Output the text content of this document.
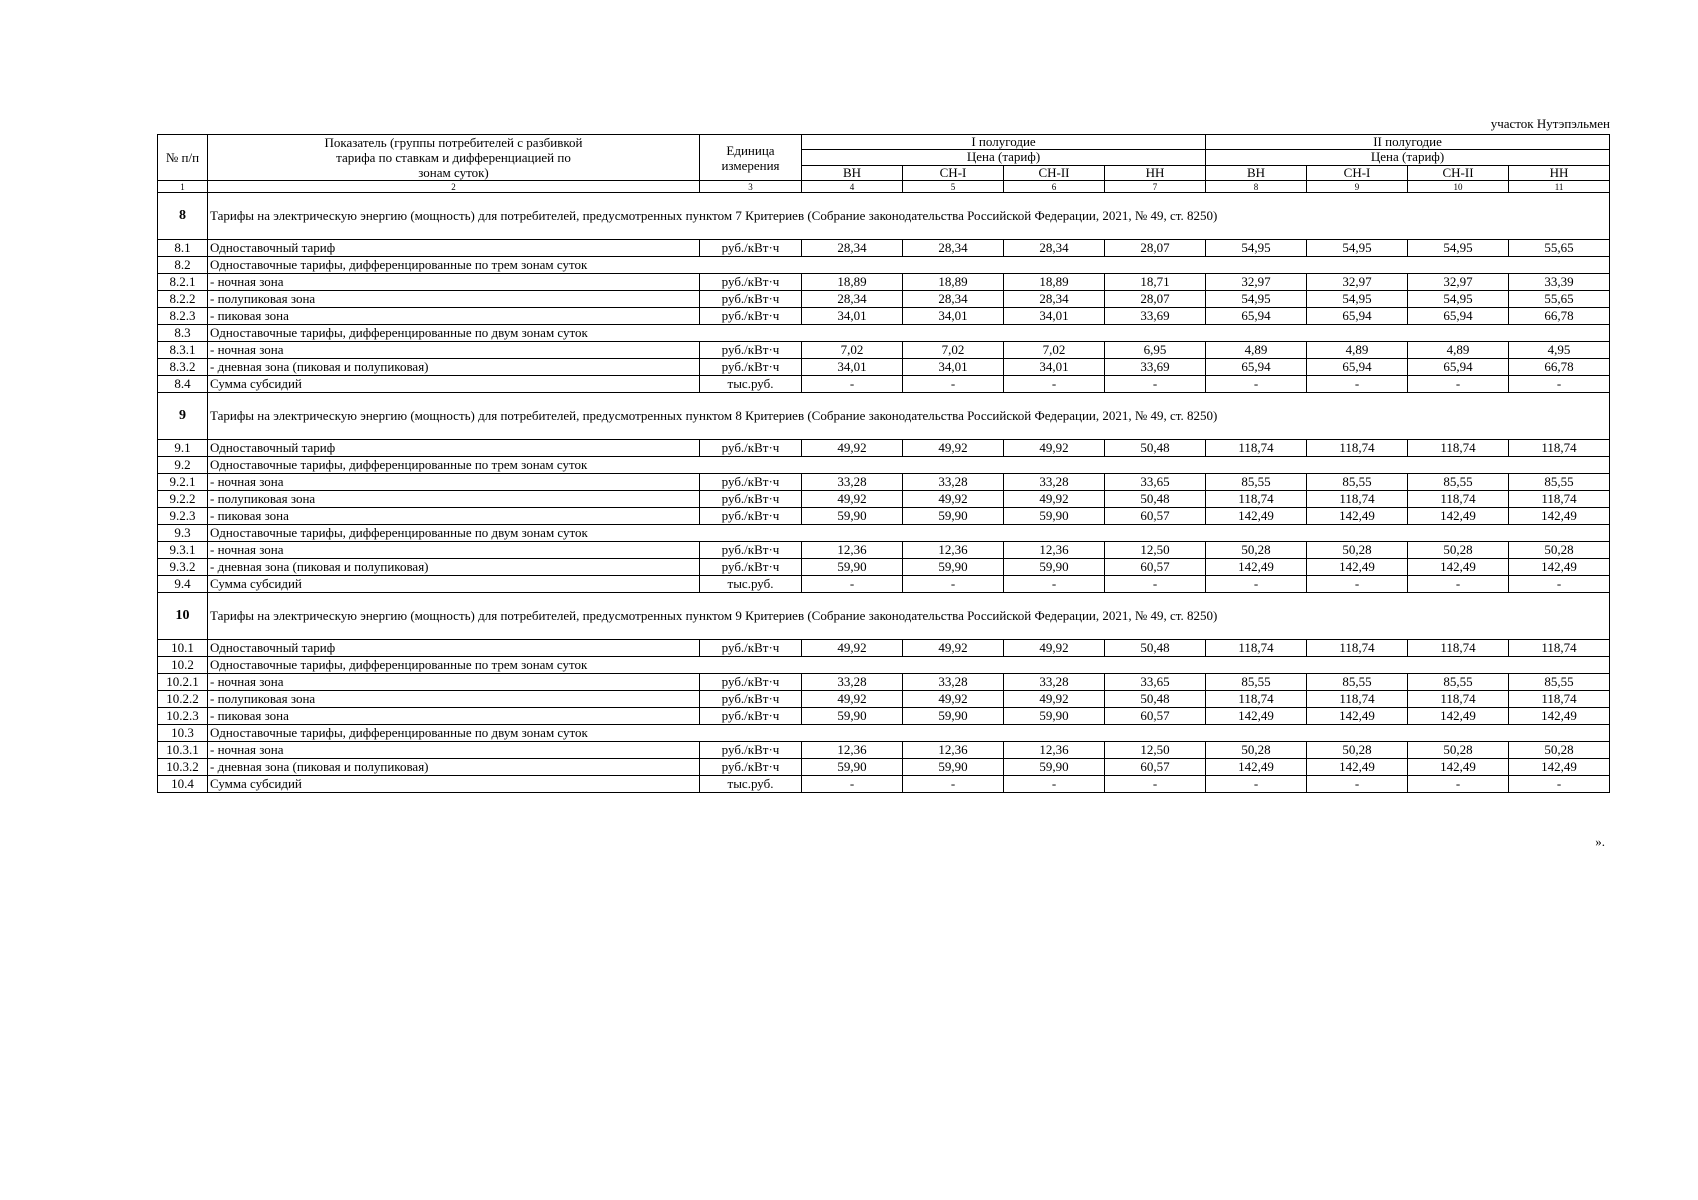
участок Нутэпэльмен
№ п/п	Показатель (группы потребителей с разбивкой тарифа по ставкам и дифференциацией по зонам суток)	Единица измерения	I полугодие				II полугодие			
			Цена (тариф)				Цена (тариф)			
			ВН	СН-I	СН-II	НН	ВН	СН-I	СН-II	НН
1	2	3	4	5	6	7	8	9	10	11
8	Тарифы на электрическую энергию (мощность) для потребителей, предусмотренных пунктом 7 Критериев (Собрание законодательства Российской Федерации, 2021, № 49, ст. 8250)									
8.1	Одноставочный тариф	руб./кВт·ч	28,34	28,34	28,34	28,07	54,95	54,95	54,95	55,65
8.2	Одноставочные тарифы, дифференцированные по трем зонам суток									
8.2.1	- ночная зона	руб./кВт·ч	18,89	18,89	18,89	18,71	32,97	32,97	32,97	33,39
8.2.2	- полупиковая зона	руб./кВт·ч	28,34	28,34	28,34	28,07	54,95	54,95	54,95	55,65
8.2.3	- пиковая зона	руб./кВт·ч	34,01	34,01	34,01	33,69	65,94	65,94	65,94	66,78
8.3	Одноставочные тарифы, дифференцированные по двум зонам суток									
8.3.1	- ночная зона	руб./кВт·ч	7,02	7,02	7,02	6,95	4,89	4,89	4,89	4,95
8.3.2	- дневная зона (пиковая и полупиковая)	руб./кВт·ч	34,01	34,01	34,01	33,69	65,94	65,94	65,94	66,78
8.4	Сумма субсидий	тыс.руб.	-	-	-	-	-	-	-	-
9	Тарифы на электрическую энергию (мощность) для потребителей, предусмотренных пунктом 8 Критериев (Собрание законодательства Российской Федерации, 2021, № 49, ст. 8250)									
9.1	Одноставочный тариф	руб./кВт·ч	49,92	49,92	49,92	50,48	118,74	118,74	118,74	118,74
9.2	Одноставочные тарифы, дифференцированные по трем зонам суток									
9.2.1	- ночная зона	руб./кВт·ч	33,28	33,28	33,28	33,65	85,55	85,55	85,55	85,55
9.2.2	- полупиковая зона	руб./кВт·ч	49,92	49,92	49,92	50,48	118,74	118,74	118,74	118,74
9.2.3	- пиковая зона	руб./кВт·ч	59,90	59,90	59,90	60,57	142,49	142,49	142,49	142,49
9.3	Одноставочные тарифы, дифференцированные по двум зонам суток									
9.3.1	- ночная зона	руб./кВт·ч	12,36	12,36	12,36	12,50	50,28	50,28	50,28	50,28
9.3.2	- дневная зона (пиковая и полупиковая)	руб./кВт·ч	59,90	59,90	59,90	60,57	142,49	142,49	142,49	142,49
9.4	Сумма субсидий	тыс.руб.	-	-	-	-	-	-	-	-
10	Тарифы на электрическую энергию (мощность) для потребителей, предусмотренных пунктом 9 Критериев (Собрание законодательства Российской Федерации, 2021, № 49, ст. 8250)									
10.1	Одноставочный тариф	руб./кВт·ч	49,92	49,92	49,92	50,48	118,74	118,74	118,74	118,74
10.2	Одноставочные тарифы, дифференцированные по трем зонам суток									
10.2.1	- ночная зона	руб./кВт·ч	33,28	33,28	33,28	33,65	85,55	85,55	85,55	85,55
10.2.2	- полупиковая зона	руб./кВт·ч	49,92	49,92	49,92	50,48	118,74	118,74	118,74	118,74
10.2.3	- пиковая зона	руб./кВт·ч	59,90	59,90	59,90	60,57	142,49	142,49	142,49	142,49
10.3	Одноставочные тарифы, дифференцированные по двум зонам суток									
10.3.1	- ночная зона	руб./кВт·ч	12,36	12,36	12,36	12,50	50,28	50,28	50,28	50,28
10.3.2	- дневная зона (пиковая и полупиковая)	руб./кВт·ч	59,90	59,90	59,90	60,57	142,49	142,49	142,49	142,49
10.4	Сумма субсидий	тыс.руб.	-	-	-	-	-	-	-	-
».
